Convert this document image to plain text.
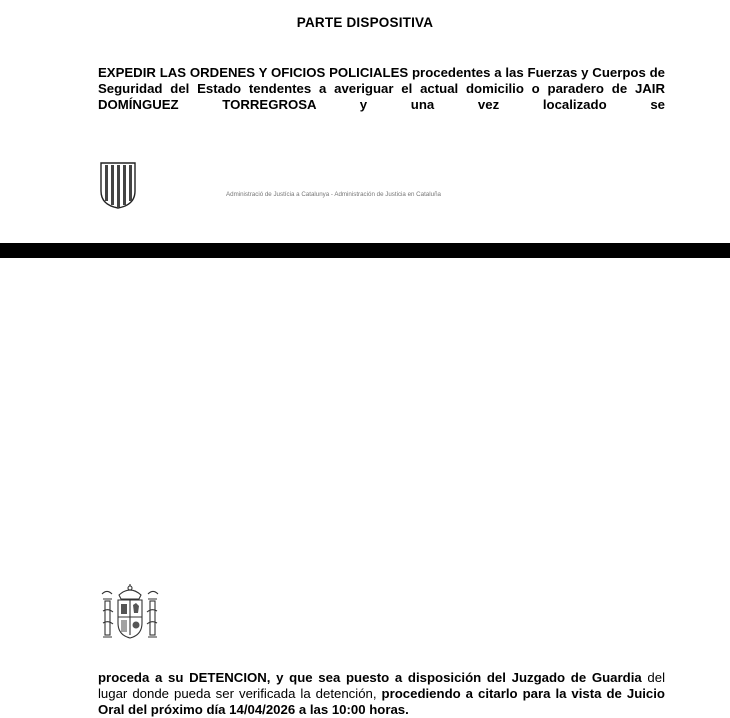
PARTE DISPOSITIVA
EXPEDIR LAS ORDENES Y OFICIOS POLICIALES procedentes a las Fuerzas y Cuerpos de Seguridad del Estado tendentes a averiguar el actual domicilio o paradero de JAIR DOMÍNGUEZ TORREGROSA y una vez localizado se
Administració de Justícia a Catalunya - Administración de Justicia en Cataluña
proceda a su DETENCION, y que sea puesto a disposición del Juzgado de Guardia del lugar donde pueda ser verificada la detención, procediendo a citarlo para la vista de Juicio Oral del próximo día 14/04/2026 a las 10:00 horas.
